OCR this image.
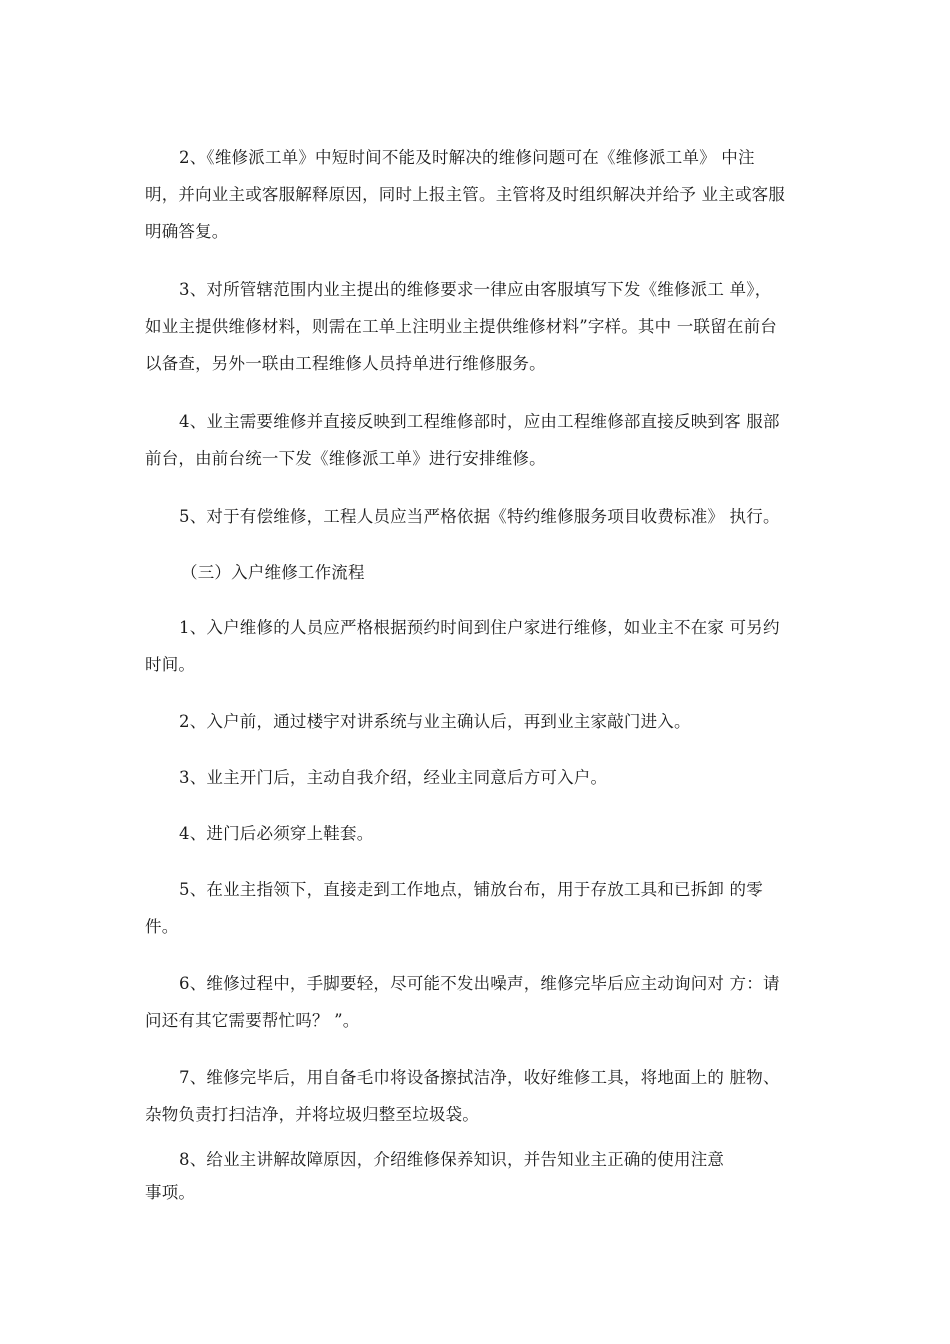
2、《维修派工单》中短时间不能及时解决的维修问题可在《维修派工单》 中注
明，并向业主或客服解释原因，同时上报主管。主管将及时组织解决并给予 业主或客服
明确答复。

3、对所管辖范围内业主提出的维修要求一律应由客服填写下发《维修派工 单》，
如业主提供维修材料，则需在工单上注明业主提供维修材料”字样。其中 一联留在前台
以备查，另外一联由工程维修人员持单进行维修服务。

4、业主需要维修并直接反映到工程维修部时，应由工程维修部直接反映到客 服部
前台，由前台统一下发《维修派工单》进行安排维修。

5、对于有偿维修，工程人员应当严格依据《特约维修服务项目收费标准》 执行。

（三）入户维修工作流程

1、入户维修的人员应严格根据预约时间到住户家进行维修，如业主不在家 可另约
时间。

2、入户前，通过楼宇对讲系统与业主确认后，再到业主家敲门进入。

3、业主开门后，主动自我介绍，经业主同意后方可入户。

4、进门后必须穿上鞋套。

5、在业主指领下，直接走到工作地点，铺放台布，用于存放工具和已拆卸 的零
件。

6、维修过程中，手脚要轻，尽可能不发出噪声，维修完毕后应主动询问对 方：请
问还有其它需要帮忙吗？ ”。

7、维修完毕后，用自备毛巾将设备擦拭洁净，收好维修工具，将地面上的 脏物、
杂物负责打扫洁净，并将垃圾归整至垃圾袋。

8、给业主讲解故障原因，介绍维修保养知识，并告知业主正确的使用注意
事项。
